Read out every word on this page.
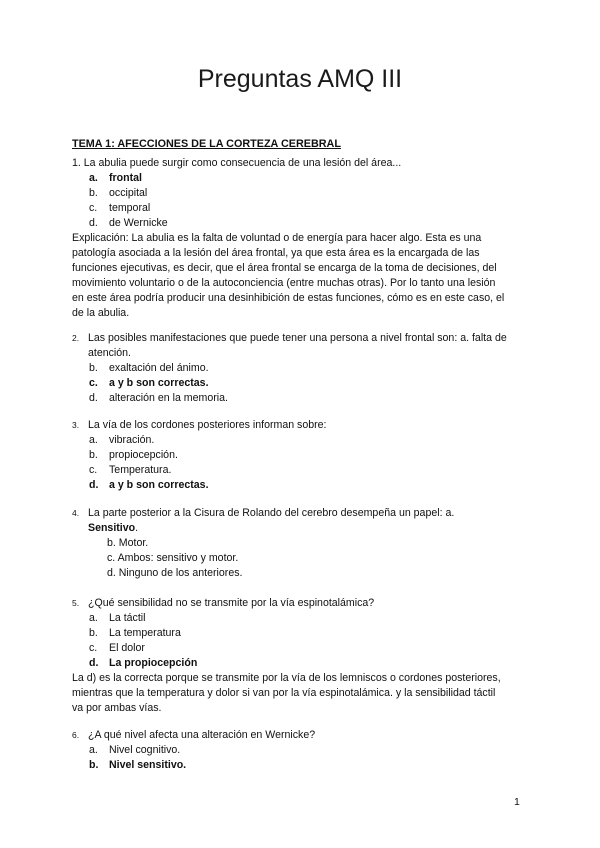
Preguntas AMQ III
TEMA 1: AFECCIONES DE LA CORTEZA CEREBRAL
1. La abulia puede surgir como consecuencia de una lesión del área...
a. frontal
b. occipital
c. temporal
d. de Wernicke
Explicación: La abulia es la falta de voluntad o de energía para hacer algo. Esta es una
patología asociada a la lesión del área frontal, ya que esta área es la encargada de las
funciones ejecutivas, es decir, que el área frontal se encarga de la toma de decisiones, del
movimiento voluntario o de la autoconciencia (entre muchas otras). Por lo tanto una lesión
en este área podría producir una desinhibición de estas funciones, cómo es en este caso, el
de la abulia.
2. Las posibles manifestaciones que puede tener una persona a nivel frontal son: a. falta de
atención.
b. exaltación del ánimo.
c. a y b son correctas.
d. alteración en la memoria.
3. La vía de los cordones posteriores informan sobre:
a. vibración.
b. propiocepción.
c. Temperatura.
d. a y b son correctas.
4. La parte posterior a la Cisura de Rolando del cerebro desempeña un papel: a.
Sensitivo.
b. Motor.
c. Ambos: sensitivo y motor.
d. Ninguno de los anteriores.
5. ¿Qué sensibilidad no se transmite por la vía espinotalámica?
a. La táctil
b. La temperatura
c. El dolor
d. La propiocepción
La d) es la correcta porque se transmite por la vía de los lemniscos o cordones posteriores,
mientras que la temperatura y dolor si van por la vía espinotalámica. y la sensibilidad táctil
va por ambas vías.
6. ¿A qué nivel afecta una alteración en Wernicke?
a. Nivel cognitivo.
b. Nivel sensitivo.
1
